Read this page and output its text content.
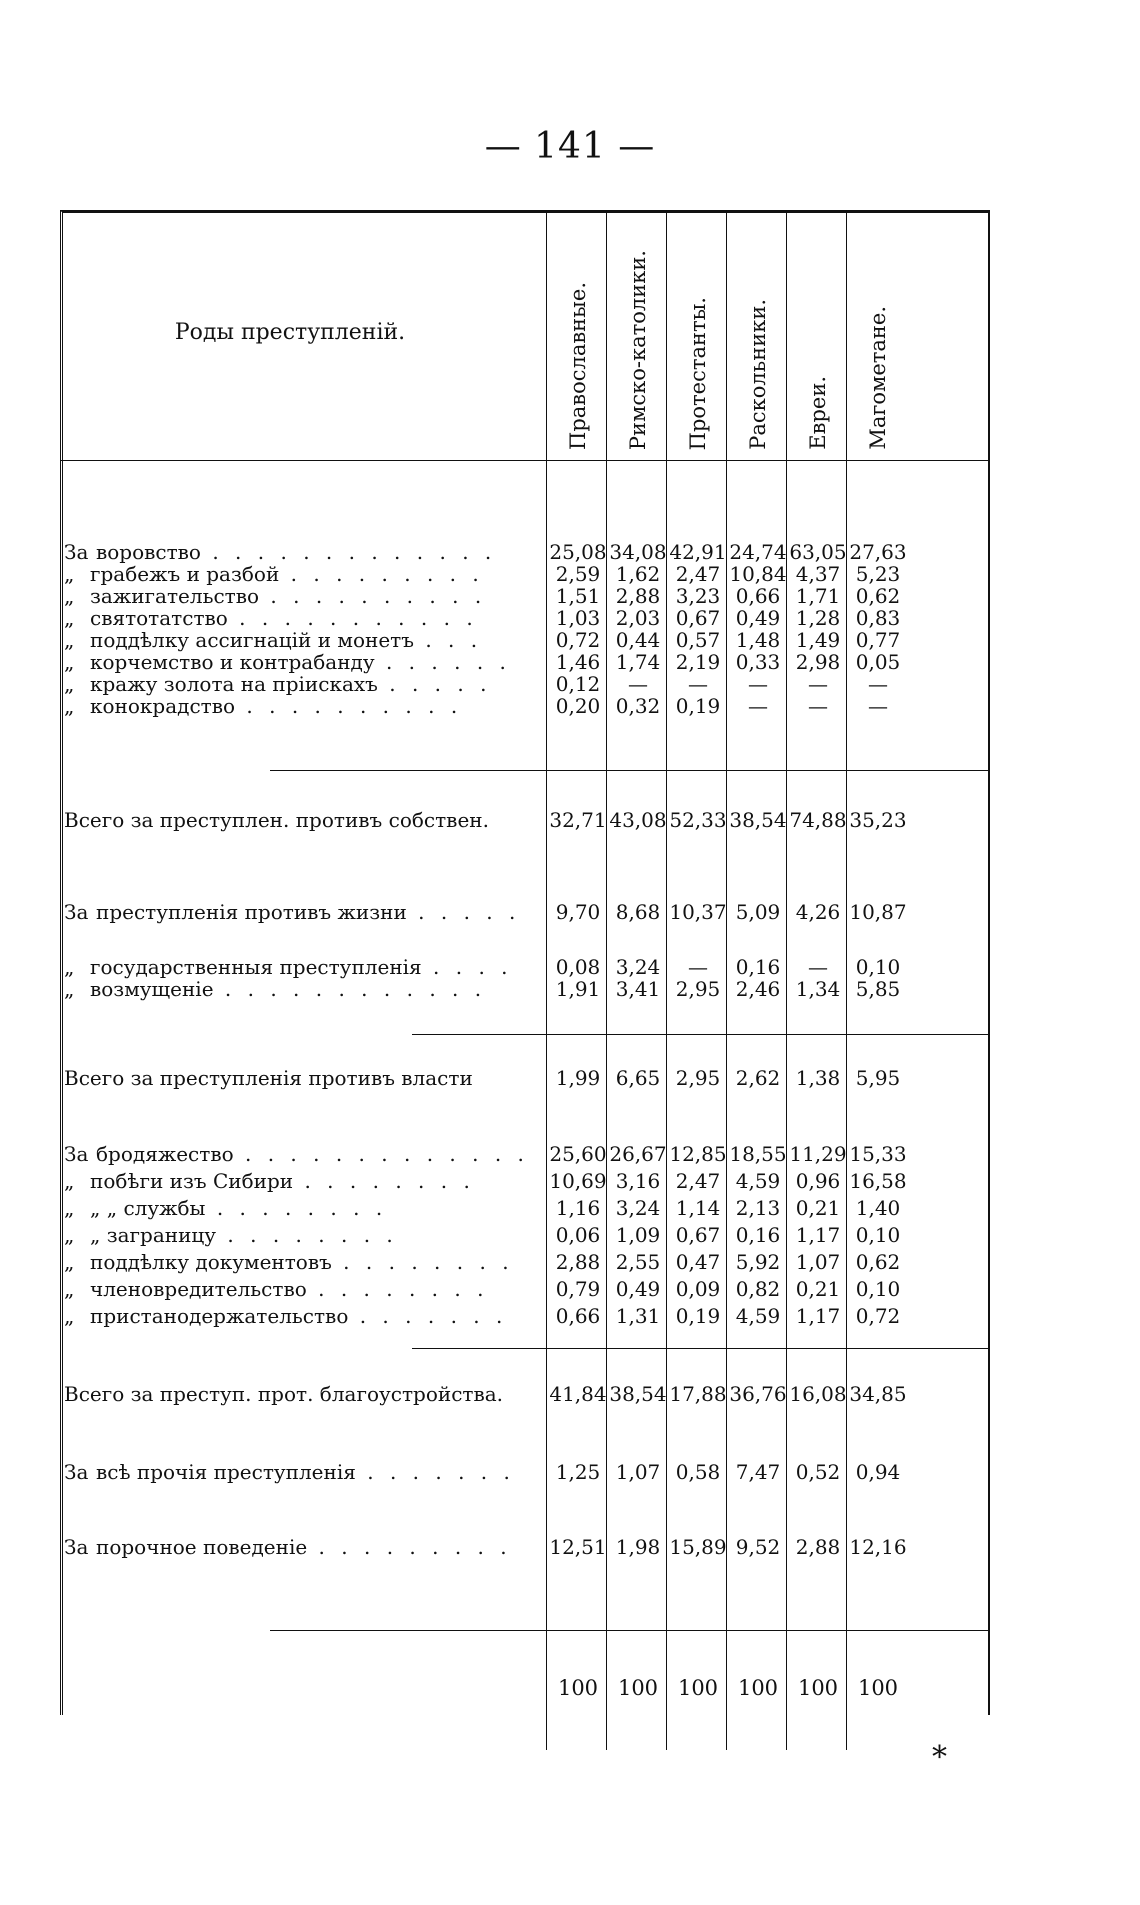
— 141 —
Роды преступленій.	Православные. Римско-католики. Протестанты. Раскольники. Евреи. Магометане.
За воровство . . . . . . . . . . . . .	25,08 34,08 42,91 24,74 63,05 27,63
„ грабежъ и разбой . . . . . . . . .	2,59 1,62 2,47 10,84 4,37 5,23
„ зажигательство . . . . . . . . . .	1,51 2,88 3,23 0,66 1,71 0,62
„ святотатство . . . . . . . . . . .	1,03 2,03 0,67 0,49 1,28 0,83
„ поддѣлку ассигнацій и монетъ . . .	0,72 0,44 0,57 1,48 1,49 0,77
„ корчемство и контрабанду . . . . . .	1,46 1,74 2,19 0,33 2,98 0,05
„ кражу золота на пріискахъ . . . . .	0,12	—	—	—	—	—
„ конокрадство . . . . . . . . . .	0,20 0,32 0,19	—	—	—
Всего за преступлен. противъ собствен.	32,71 43,08 52,33 38,54 74,88 35,23
За преступленія противъ жизни . . . . .	9,70 8,68 10,37 5,09 4,26 10,87
„ государственныя преступленія . . . .	0,08 3,24	—	0,16	—	0,10
„ возмущеніе . . . . . . . . . . . .	1,91 3,41 2,95 2,46 1,34 5,85
Всего за преступленія противъ власти	1,99 6,65 2,95 2,62 1,38 5,95
За бродяжество . . . . . . . . . . . . .	25,60 26,67 12,85 18,55 11,29 15,33
„ побѣги изъ Сибири . . . . . . . .	10,69 3,16 2,47 4,59 0,96 16,58
„ „ „ службы . . . . . . . .	1,16 3,24 1,14 2,13 0,21 1,40
„ „ заграницу . . . . . . . .	0,06 1,09 0,67 0,16 1,17 0,10
„ поддѣлку документовъ . . . . . . . .	2,88 2,55 0,47 5,92 1,07 0,62
„ членовредительство . . . . . . . .	0,79 0,49 0,09 0,82 0,21 0,10
„ пристанодержательство . . . . . . .	0,66 1,31 0,19 4,59 1,17 0,72
Всего за преступ. прот. благоустройства.	41,84 38,54 17,88 36,76 16,08 34,85
За всѣ прочія преступленія . . . . . . .	1,25 1,07 0,58 7,47 0,52 0,94
За порочное поведеніе . . . . . . . . .	12,51 1,98 15,89 9,52 2,88 12,16
100 100 100 100 100 100
*
